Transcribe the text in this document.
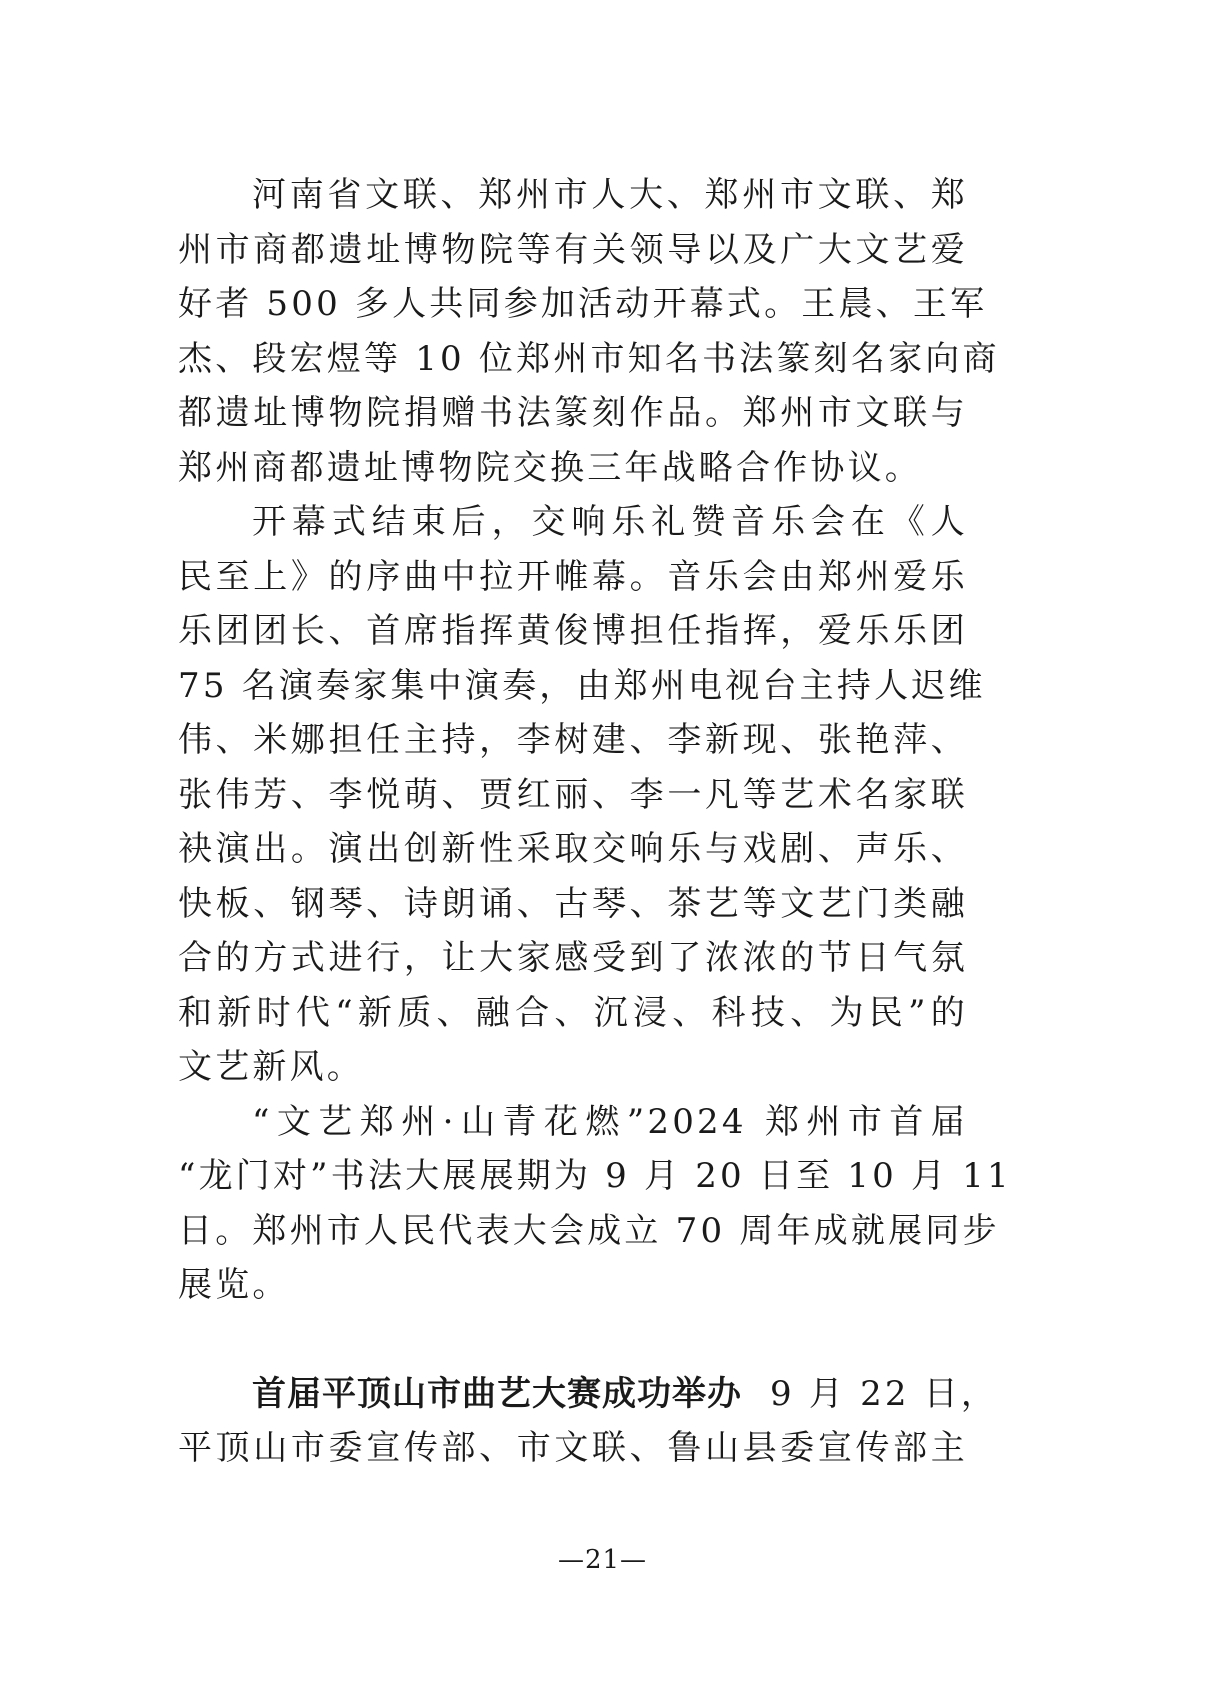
河南省文联、郑州市人大、郑州市文联、郑
州市商都遗址博物院等有关领导以及广大文艺爱
好者 500 多人共同参加活动开幕式。王晨、王军
杰、段宏煜等 10 位郑州市知名书法篆刻名家向商
都遗址博物院捐赠书法篆刻作品。郑州市文联与
郑州商都遗址博物院交换三年战略合作协议。

开幕式结束后，交响乐礼赞音乐会在《人
民至上》的序曲中拉开帷幕。音乐会由郑州爱乐
乐团团长、首席指挥黄俊博担任指挥，爱乐乐团
75 名演奏家集中演奏，由郑州电视台主持人迟维
伟、米娜担任主持，李树建、李新现、张艳萍、
张伟芳、李悦萌、贾红丽、李一凡等艺术名家联
袂演出。演出创新性采取交响乐与戏剧、声乐、
快板、钢琴、诗朗诵、古琴、茶艺等文艺门类融
合的方式进行，让大家感受到了浓浓的节日气氛
和新时代“新质、融合、沉浸、科技、为民”的
文艺新风。

“文艺郑州·山青花燃”2024 郑州市首届
“龙门对”书法大展展期为 9 月 20 日至 10 月 11
日。郑州市人民代表大会成立 70 周年成就展同步
展览。

首届平顶山市曲艺大赛成功举办 9 月 22 日，
平顶山市委宣传部、市文联、鲁山县委宣传部主

—21—
